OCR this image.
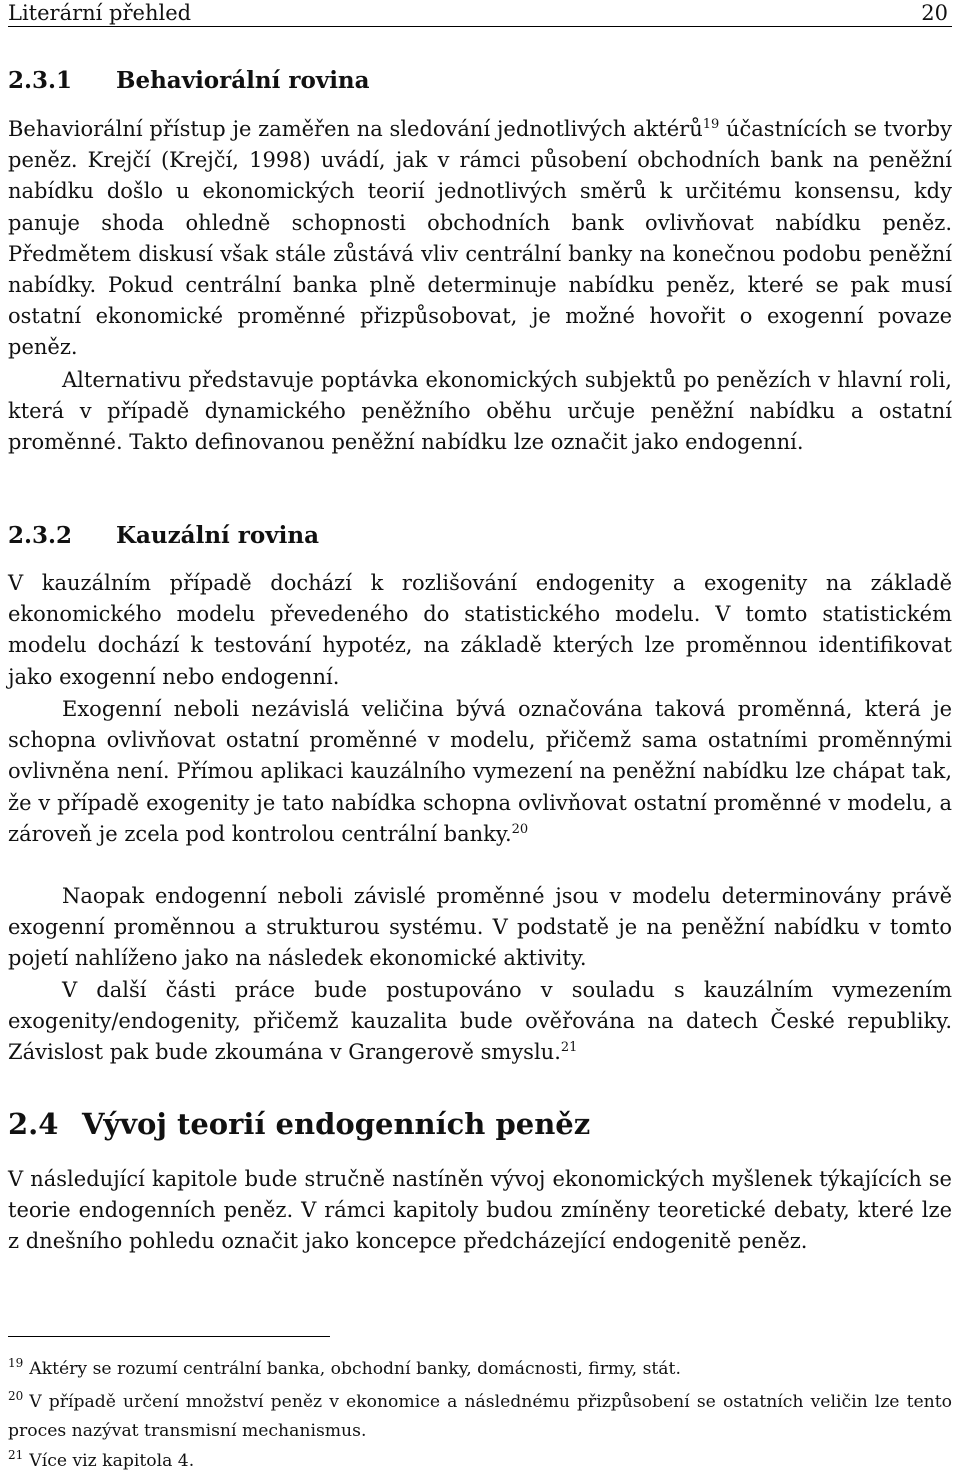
Literární přehled	20
2.3.1 Behaviorální rovina
Behaviorální přístup je zaměřen na sledování jednotlivých aktérů$^{19}$ účastnících se tvorby peněz. Krejčí (Krejčí, 1998) uvádí, jak v rámci působení obchodních bank na peněžní nabídku došlo u ekonomických teorií jednotlivých směrů k určitému konsensu, kdy panuje shoda ohledně schopnosti obchodních bank ovlivňovat nabídku peněz. Předmětem diskusí však stále zůstává vliv centrální banky na konečnou podobu peněžní nabídky. Pokud centrální banka plně determinuje nabídku peněz, které se pak musí ostatní ekonomické proměnné přizpůsobovat, je možné hovořit o exogenní povaze peněz.
Alternativu představuje poptávka ekonomických subjektů po penězích v hlavní roli, která v případě dynamického peněžního oběhu určuje peněžní nabídku a ostatní proměnné. Takto definovanou peněžní nabídku lze označit jako endogenní.
2.3.2 Kauzální rovina
V kauzálním případě dochází k rozlišování endogenity a exogenity na základě ekonomického modelu převedeného do statistického modelu. V tomto statistickém modelu dochází k testování hypotéz, na základě kterých lze proměnnou identifikovat jako exogenní nebo endogenní.
Exogenní neboli nezávislá veličina bývá označována taková proměnná, která je schopna ovlivňovat ostatní proměnné v modelu, přičemž sama ostatními proměnnými ovlivněna není. Přímou aplikaci kauzálního vymezení na peněžní nabídku lze chápat tak, že v případě exogenity je tato nabídka schopna ovlivňovat ostatní proměnné v modelu, a zároveň je zcela pod kontrolou centrální banky.$^{20}$
Naopak endogenní neboli závislé proměnné jsou v modelu determinovány právě exogenní proměnnou a strukturou systému. V podstatě je na peněžní nabídku v tomto pojetí nahlíženo jako na následek ekonomické aktivity.
V další části práce bude postupováno v souladu s kauzálním vymezením exogenity/endogenity, přičemž kauzalita bude ověřována na datech České republiky. Závislost pak bude zkoumána v Grangerově smyslu.$^{21}$
2.4 Vývoj teorií endogenních peněz
V následující kapitole bude stručně nastíněn vývoj ekonomických myšlenek týkajících se teorie endogenních peněz. V rámci kapitoly budou zmíněny teoretické debaty, které lze z dnešního pohledu označit jako koncepce předcházející endogenitě peněz.
$^{19}$ Aktéry se rozumí centrální banka, obchodní banky, domácnosti, firmy, stát.
$^{20}$ V případě určení množství peněz v ekonomice a následnému přizpůsobení se ostatních veličin lze tento proces nazývat transmisní mechanismus.
$^{21}$ Více viz kapitola 4.
